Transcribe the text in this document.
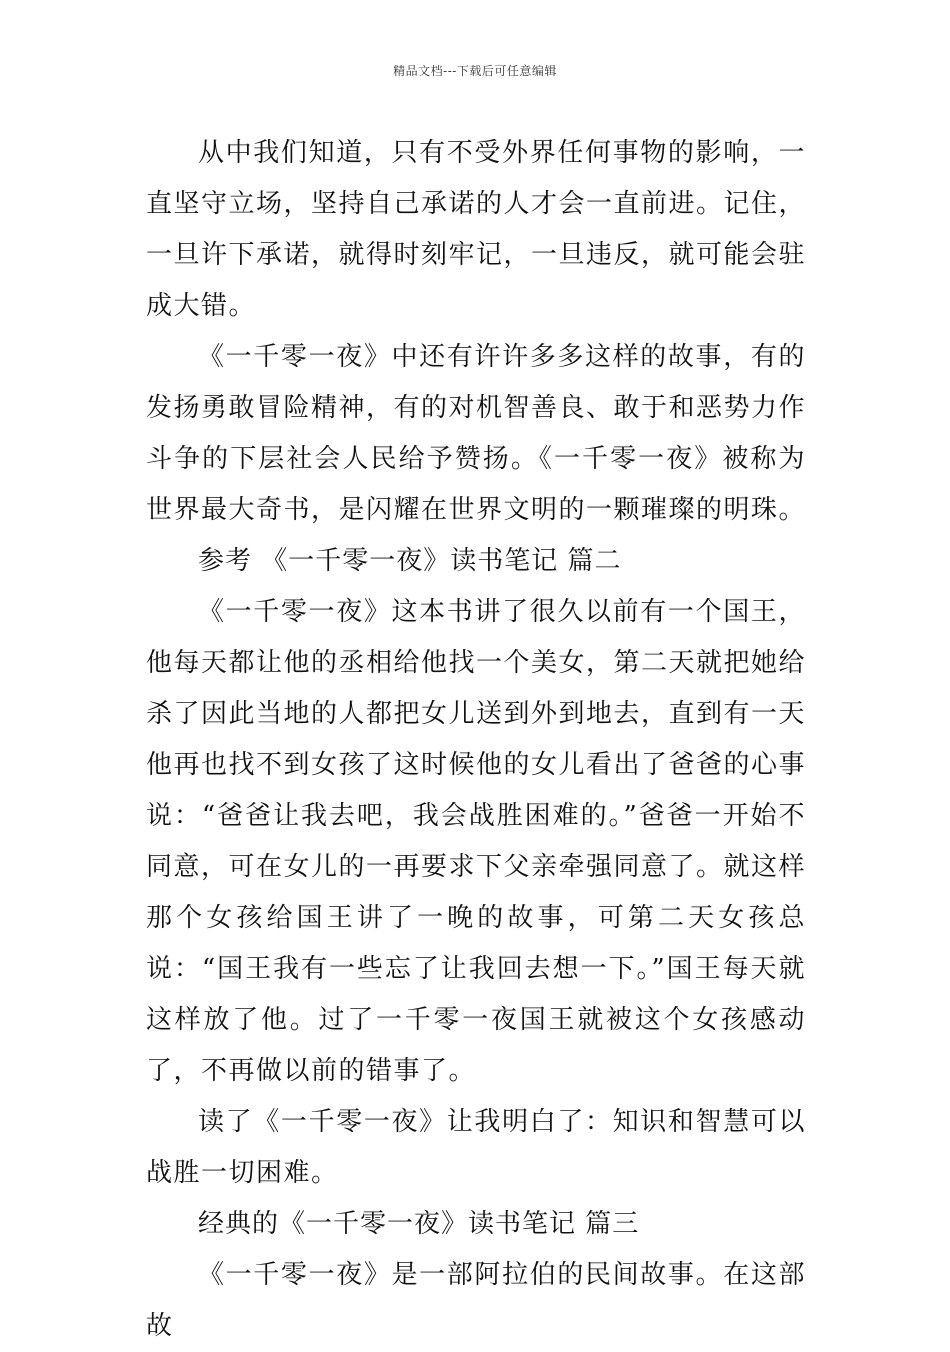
精品文档---下载后可任意编辑

从中我们知道，只有不受外界任何事物的影响，一直坚守立场，坚持自己承诺的人才会一直前进。记住，一旦许下承诺，就得时刻牢记，一旦违反，就可能会驻成大错。

《一千零一夜》中还有许许多多这样的故事，有的发扬勇敢冒险精神，有的对机智善良、敢于和恶势力作斗争的下层社会人民给予赞扬。《一千零一夜》被称为世界最大奇书，是闪耀在世界文明的一颗璀璨的明珠。

参考 《一千零一夜》读书笔记 篇二

《一千零一夜》这本书讲了很久以前有一个国王，他每天都让他的丞相给他找一个美女，第二天就把她给杀了因此当地的人都把女儿送到外到地去，直到有一天他再也找不到女孩了这时候他的女儿看出了爸爸的心事说：“爸爸让我去吧，我会战胜困难的。”爸爸一开始不同意，可在女儿的一再要求下父亲牵强同意了。就这样那个女孩给国王讲了一晚的故事，可第二天女孩总说：“国王我有一些忘了让我回去想一下。”国王每天就这样放了他。过了一千零一夜国王就被这个女孩感动了，不再做以前的错事了。

读了《一千零一夜》让我明白了：知识和智慧可以战胜一切困难。

经典的《一千零一夜》读书笔记 篇三

《一千零一夜》是一部阿拉伯的民间故事。在这部故
